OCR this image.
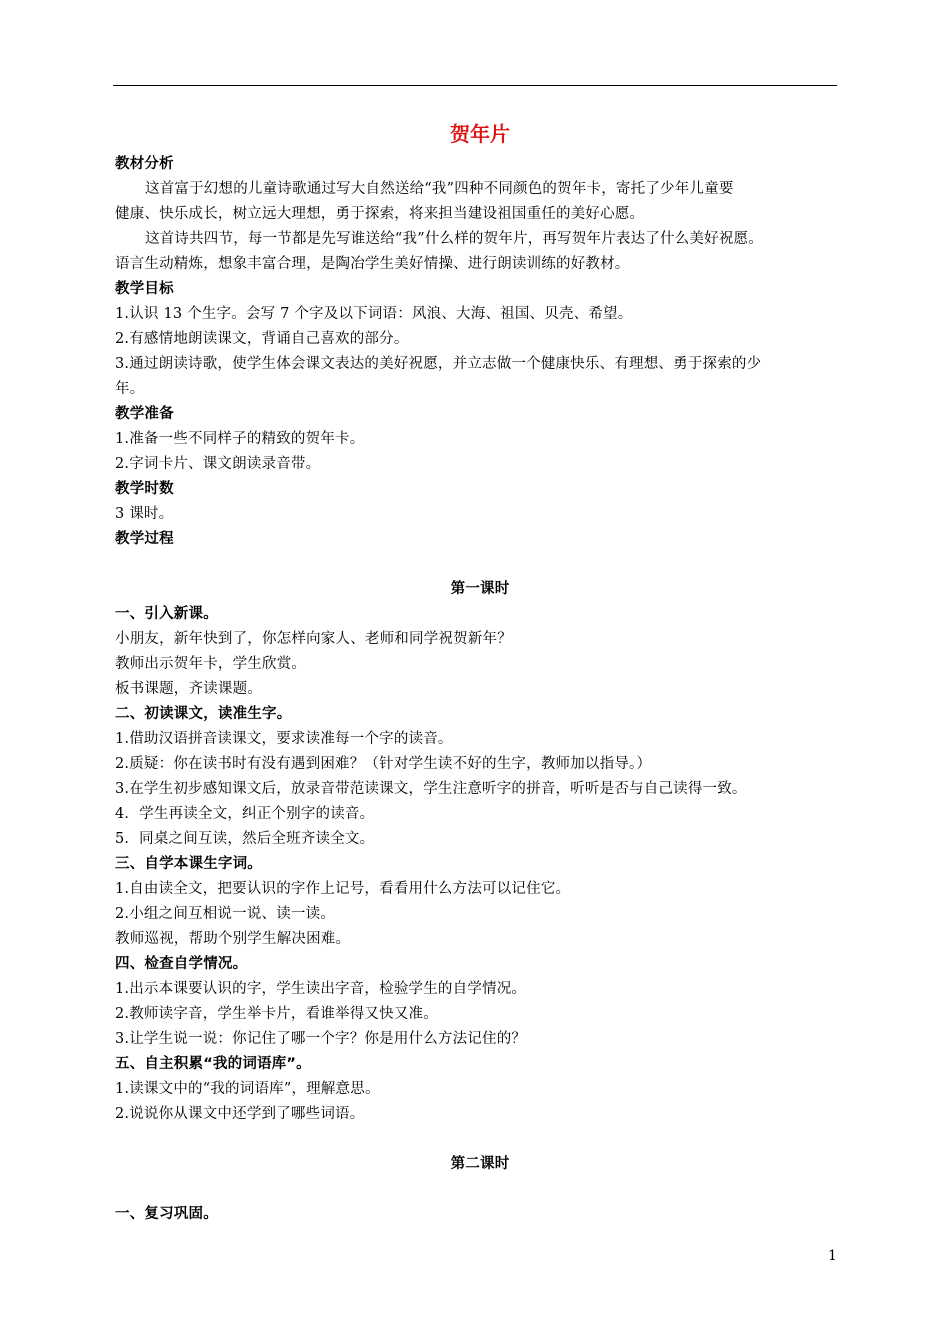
贺年片
教材分析
这首富于幻想的儿童诗歌通过写大自然送给“我”四种不同颜色的贺年卡，寄托了少年儿童要
健康、快乐成长，树立远大理想，勇于探索，将来担当建设祖国重任的美好心愿。
这首诗共四节，每一节都是先写谁送给“我”什么样的贺年片，再写贺年片表达了什么美好祝愿。
语言生动精炼，想象丰富合理，是陶冶学生美好情操、进行朗读训练的好教材。
教学目标
1.认识 13 个生字。会写 7 个字及以下词语：风浪、大海、祖国、贝壳、希望。
2.有感情地朗读课文，背诵自己喜欢的部分。
3.通过朗读诗歌，使学生体会课文表达的美好祝愿，并立志做一个健康快乐、有理想、勇于探索的少
年。
教学准备
1.准备一些不同样子的精致的贺年卡。
2.字词卡片、课文朗读录音带。
教学时数
3 课时。
教学过程
第一课时
一、引入新课。
小朋友，新年快到了，你怎样向家人、老师和同学祝贺新年？
教师出示贺年卡，学生欣赏。
板书课题，齐读课题。
二、初读课文，读准生字。
1.借助汉语拼音读课文，要求读准每一个字的读音。
2.质疑：你在读书时有没有遇到困难？（针对学生读不好的生字，教师加以指导。）
3.在学生初步感知课文后，放录音带范读课文，学生注意听字的拼音，听听是否与自己读得一致。
4．学生再读全文，纠正个别字的读音。
5．同桌之间互读，然后全班齐读全文。
三、自学本课生字词。
1.自由读全文，把要认识的字作上记号，看看用什么方法可以记住它。
2.小组之间互相说一说、读一读。
教师巡视，帮助个别学生解决困难。
四、检查自学情况。
1.出示本课要认识的字，学生读出字音，检验学生的自学情况。
2.教师读字音，学生举卡片，看谁举得又快又准。
3.让学生说一说：你记住了哪一个字？你是用什么方法记住的？
五、自主积累“我的词语库”。
1.读课文中的“我的词语库”，理解意思。
2.说说你从课文中还学到了哪些词语。
第二课时
一、复习巩固。
1
